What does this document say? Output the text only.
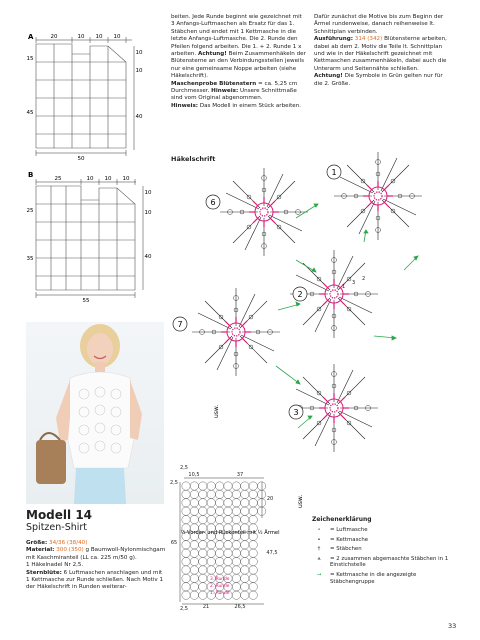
A	20	10 10 10
10
10
40
15
45
50
B	25	10 10 10
10
10
40
25
35
55
Modell 14
Spitzen-Shirt

Größe: 34/36 (38/40)

Material: 300 (350) g Baumwoll-Nylonmischgarn mit Kaschmiranteil (LL ca. 225 m/50 g).

1 Häkelnadel Nr 2,5.

Sternblüte: 6 Luftmaschen anschlagen und mit 1 Kettmasche zur Runde schließen. Nach Motiv 1 der Häkelschrift in Runden weiterar-

beiten. Jede Runde beginnt wie gezeichnet mit 3 Anfangs-Luftmaschen als Ersatz für das 1. Stäbchen und endet mit 1 Kettmasche in die letzte Anfangs-Luftmasche. Die 2. Runde den Pfeilen folgend arbeiten. Die 1. + 2. Runde 1 x arbeiten. Achtung! Beim Zusammenhäkeln der Blütensterne an den Verbindungsstellen jeweils nur eine gemeinsame Noppe arbeiten (siehe Häkelschrift).

Maschenprobe Blütenstern = ca. 5,25 cm Durchmesser. Hinweis: Unsere Schnittmaße sind vom Original abgenommen.

Hinweis: Das Modell in einem Stück arbeiten.

Dafür zunächst die Motive bis zum Beginn der Ärmel rundenweise, danach reihenweise lt. Schnittplan verbinden.

Ausführung: 314 (342) Blütensterne arbeiten, dabei ab dem 2. Motiv die Teile lt. Schnittplan und wie in der Häkelschrift gezeichnet mit Kettmaschen zusammenhäkeln, dabei auch die Unterarm und Seitennähte schließen.

Achtung! Die Symbole in Grün gelten nur für die 2. Größe.

Häkelschrift
6
1
2
7
3
2
3
1
usw.
usw.
2,5
10,5	37
2,5
65
20
47,5
2,5	21	26,5
½ Vorder- und Rückenteil mit ½ Ärmel
3. Runde
2. Runde
1. Runde
Zeichenerklärung
∘	= Luftmasche
•	= Kettmasche
†	= Stäbchen
⩚	= 2 zusammen abgemaschte Stäbchen in 1 Einstichstelle
→	= Kettmasche in die angezeigte Stäbchengruppe
33
